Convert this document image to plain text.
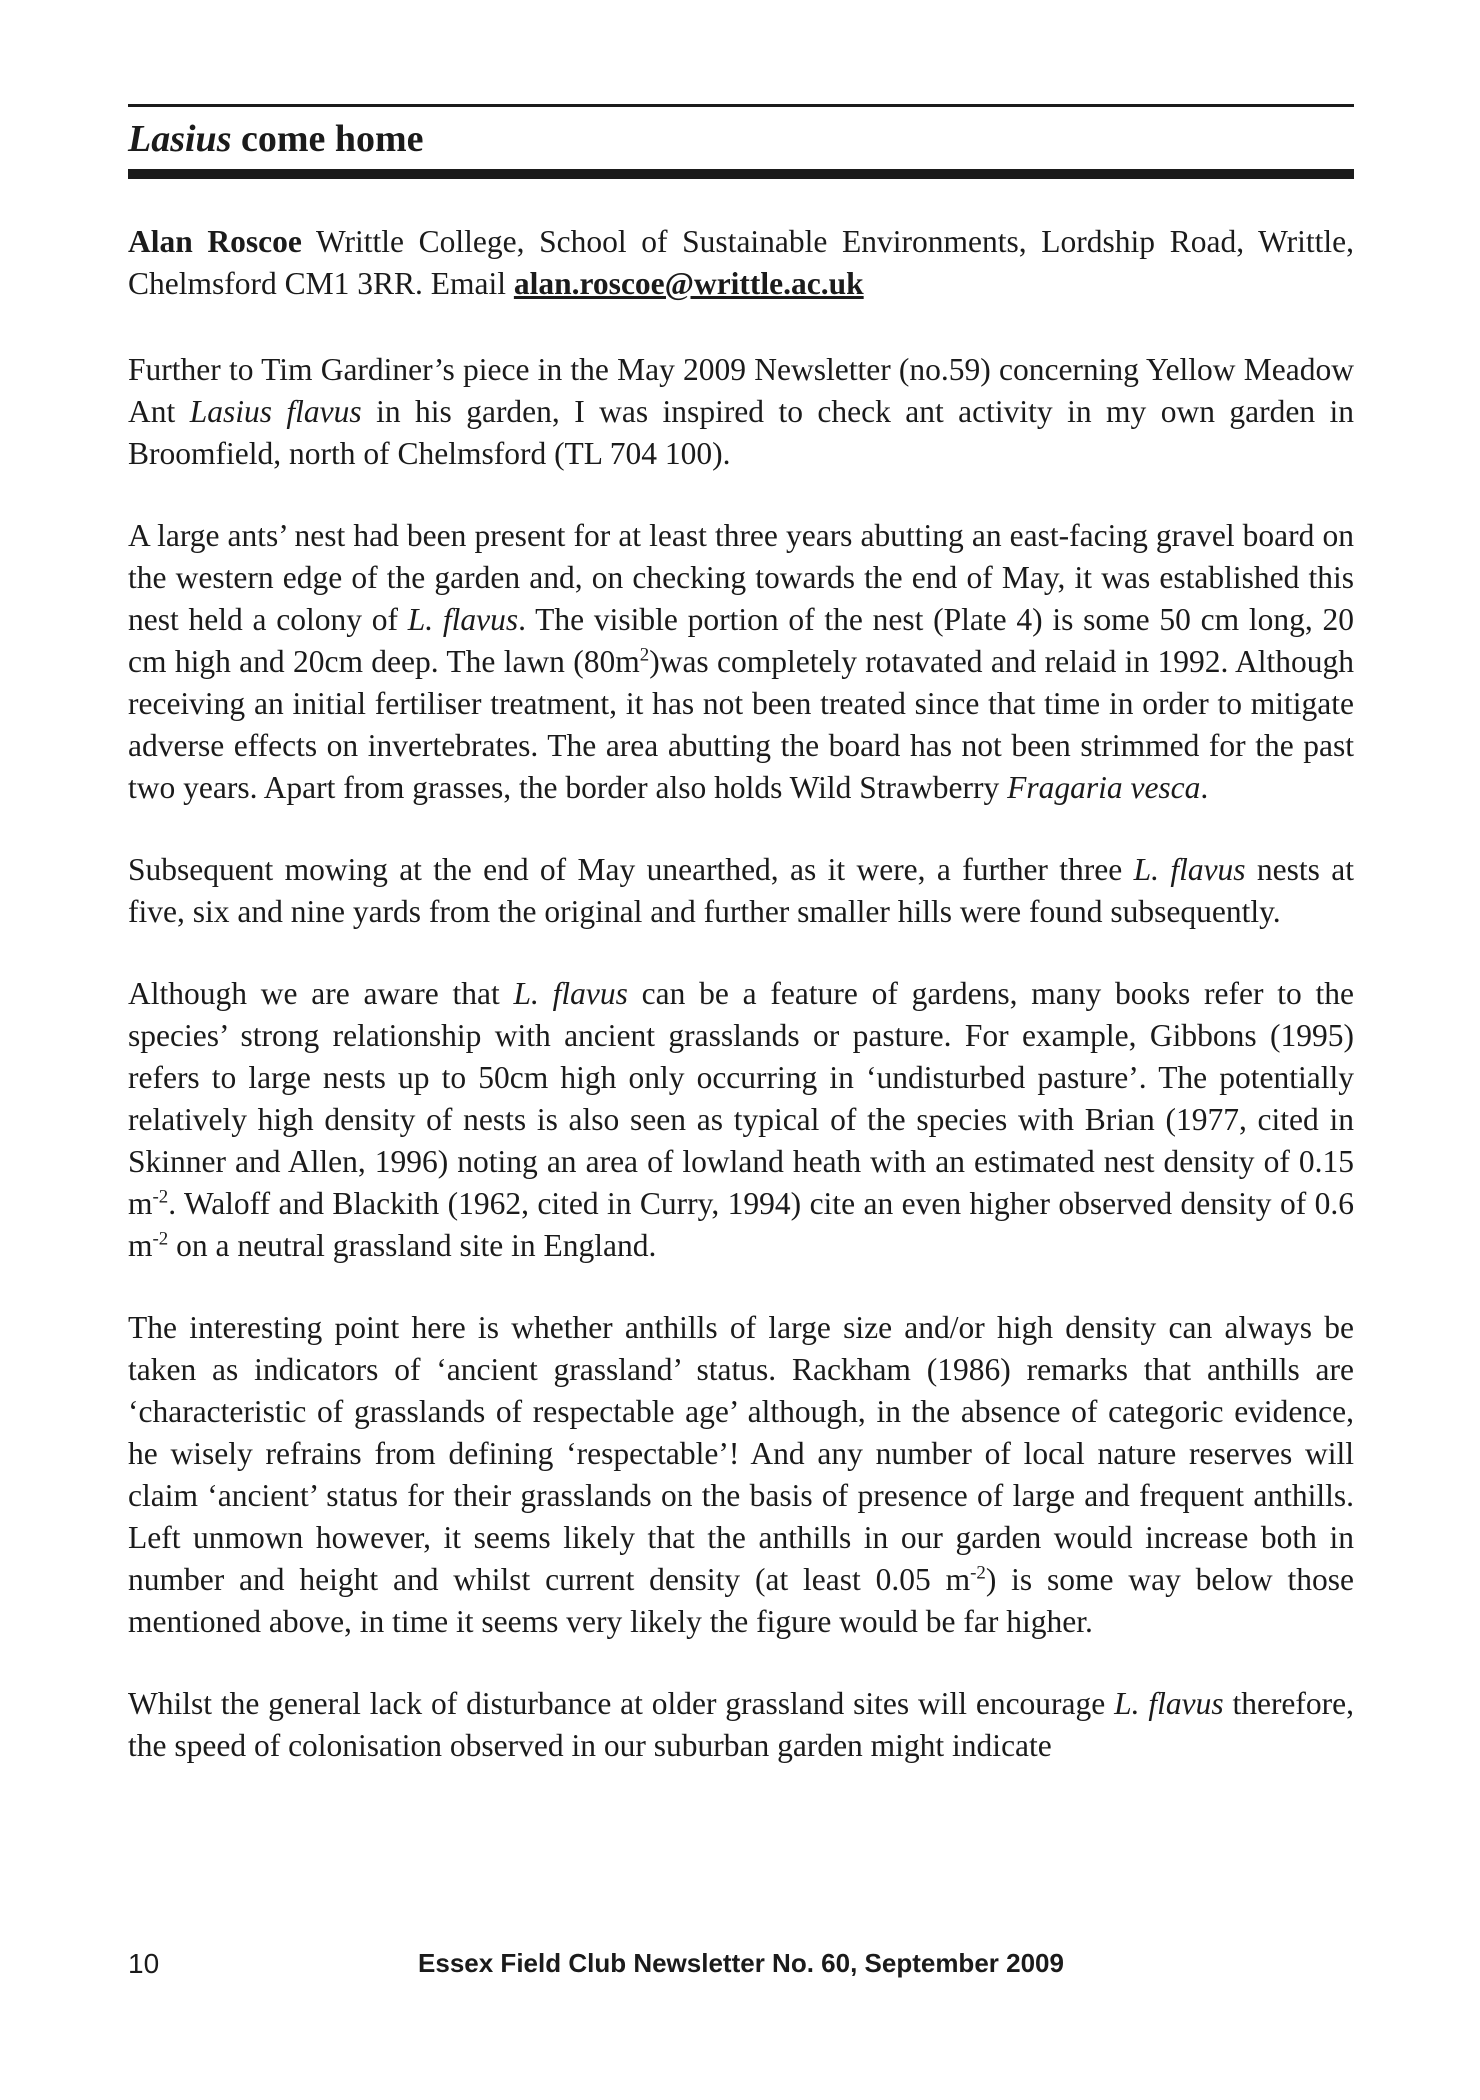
Lasius come home

Alan Roscoe Writtle College, School of Sustainable Environments, Lordship Road, Writtle, Chelmsford CM1 3RR. Email alan.roscoe@writtle.ac.uk

Further to Tim Gardiner’s piece in the May 2009 Newsletter (no.59) concerning Yellow Meadow Ant Lasius flavus in his garden, I was inspired to check ant activity in my own garden in Broomfield, north of Chelmsford (TL 704 100).

A large ants’ nest had been present for at least three years abutting an east-facing gravel board on the western edge of the garden and, on checking towards the end of May, it was established this nest held a colony of L. flavus. The visible portion of the nest (Plate 4) is some 50 cm long, 20 cm high and 20cm deep. The lawn $(80m^2)was$ completely rotavated and relaid in 1992. Although receiving an initial fertiliser treatment, it has not been treated since that time in order to mitigate adverse effects on invertebrates. The area abutting the board has not been strimmed for the past two years. Apart from grasses, the border also holds Wild Strawberry Fragaria vesca.

Subsequent mowing at the end of May unearthed, as it were, a further three L. flavus nests at five, six and nine yards from the original and further smaller hills were found subsequently.

Although we are aware that L. flavus can be a feature of gardens, many books refer to the species’ strong relationship with ancient grasslands or pasture. For example, Gibbons (1995) refers to large nests up to 50cm high only occurring in ‘undisturbed pasture’. The potentially relatively high density of nests is also seen as typical of the species with Brian (1977, cited in Skinner and Allen, 1996) noting an area of lowland heath with an estimated nest density of 0.15 $m^{-2}$. Waloff and Blackith (1962, cited in Curry, 1994) cite an even higher observed density of 0.6 $m^{-2}$ on a neutral grassland site in England.

The interesting point here is whether anthills of large size and/or high density can always be taken as indicators of ‘ancient grassland’ status. Rackham (1986) remarks that anthills are ‘characteristic of grasslands of respectable age’ although, in the absence of categoric evidence, he wisely refrains from defining ‘respectable’! And any number of local nature reserves will claim ‘ancient’ status for their grasslands on the basis of presence of large and frequent anthills. Left unmown however, it seems likely that the anthills in our garden would increase both in number and height and whilst current density (at least 0.05 $m^{-2}$) is some way below those mentioned above, in time it seems very likely the figure would be far higher.

Whilst the general lack of disturbance at older grassland sites will encourage L. flavus therefore, the speed of colonisation observed in our suburban garden might indicate

10	Essex Field Club Newsletter No. 60, September 2009
